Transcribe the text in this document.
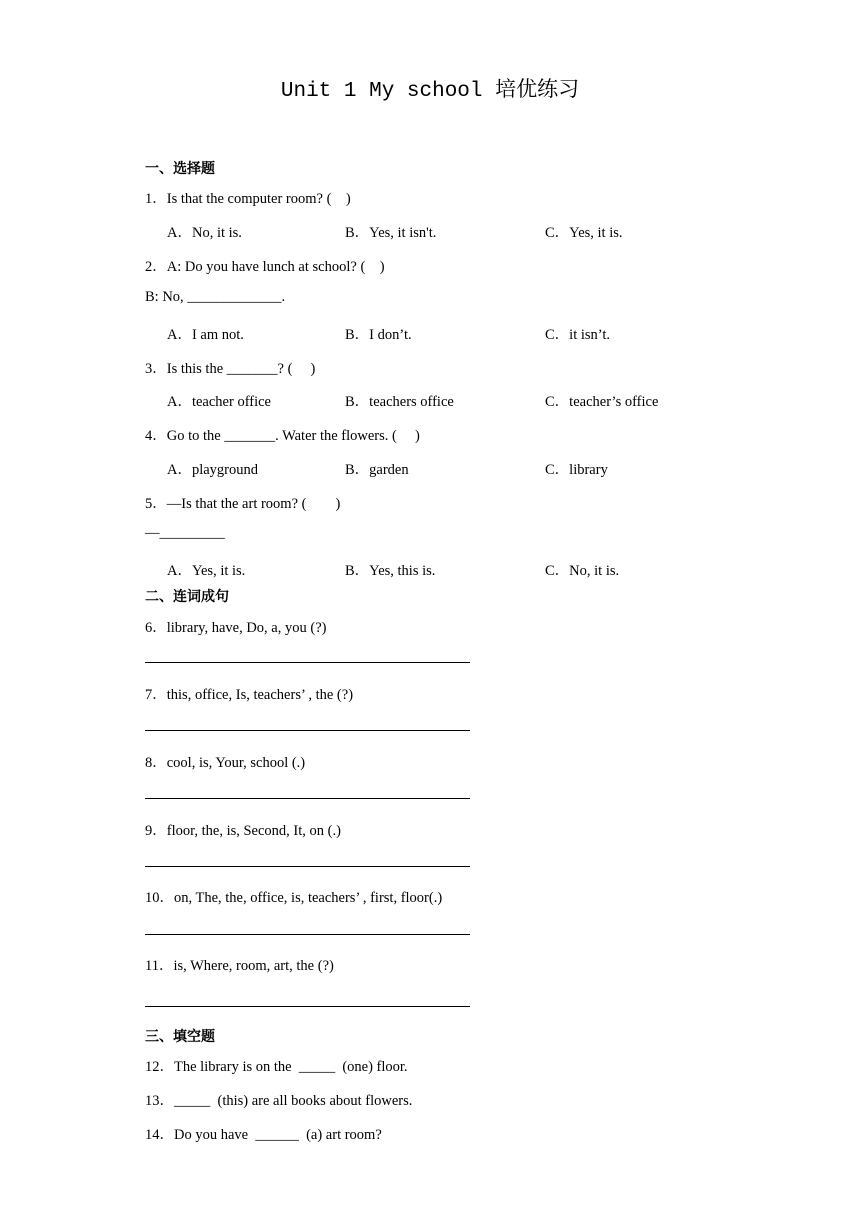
Unit 1 My school 培优练习
一、选择题
1．Is that the computer room? (    )
A．No, it is.	B．Yes, it isn't.	C．Yes, it is.
2．A: Do you have lunch at school? (    )
B: No, _____________.
A．I am not.	B．I don’t.	C．it isn’t.
3．Is this the _______? (     )
A．teacher office	B．teachers office	C．teacher’s office
4．Go to the _______. Water the flowers. (     )
A．playground	B．garden	C．library
5．—Is that the art room? (        )
—_________
A．Yes, it is.	B．Yes, this is.	C．No, it is.
二、连词成句
6．library, have, Do, a, you (?)
7．this, office, Is, teachers’ , the (?)
8．cool, is, Your, school (.)
9．floor, the, is, Second, It, on (.)
10．on, The, the, office, is, teachers’ , first, floor(.)
11．is, Where, room, art, the (?)
三、填空题
12．The library is on the  _____  (one) floor.
13．_____  (this) are all books about flowers.
14．Do you have  ______  (a) art room?
